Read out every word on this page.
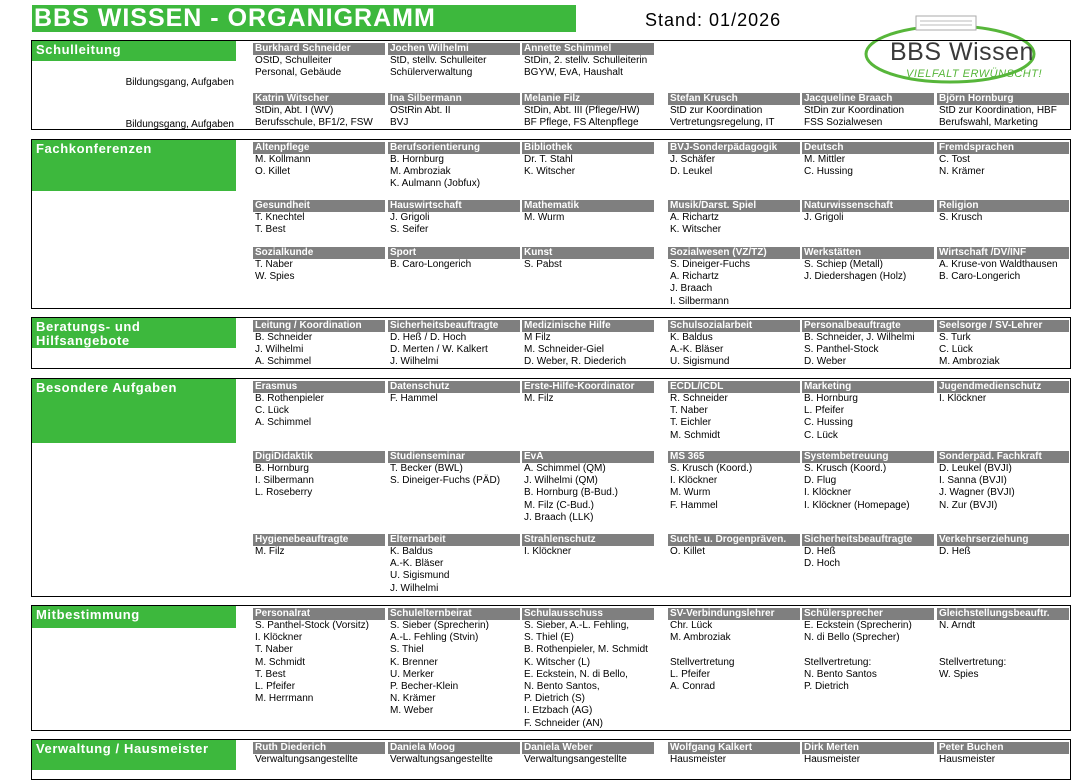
BBS WISSEN - ORGANIGRAMM	Stand: 01/2026
BBS Wissen
VIELFALT ERWÜNSCHT!
Schulleitung
Bildungsgang, Aufgaben
Burkhard Schneider
OStD, Schulleiter
Personal, Gebäude
Jochen Wilhelmi
StD, stellv. Schulleiter
Schülerverwaltung
Annette Schimmel
StDin, 2. stellv. Schulleiterin
BGYW, EvA, Haushalt
Bildungsgang, Aufgaben
Katrin Witscher
StDin, Abt. I (WV)
Berufsschule, BF1/2, FSW
Ina Silbermann
OStRin Abt. II
BVJ
Melanie Filz
StDin, Abt. III (Pflege/HW)
BF Pflege, FS Altenpflege
Stefan Krusch
StD zur Koordination
Vertretungsregelung, IT
Jacqueline Braach
StDin zur Koordination
FSS Sozialwesen
Björn Hornburg
StD zur Koordination, HBF
Berufswahl, Marketing
Fachkonferenzen	Altenpflege
M. Kollmann
O. Killet
Berufsorientierung
B. Hornburg
M. Ambroziak
K. Aulmann (Jobfux)
Bibliothek
Dr. T. Stahl
K. Witscher
BVJ-Sonderpädagogik
J. Schäfer
D. Leukel
Deutsch
M. Mittler
C. Hussing
Fremdsprachen
C. Tost
N. Krämer
Gesundheit
T. Knechtel
T. Best
Hauswirtschaft
J. Grigoli
S. Seifer
Mathematik
M. Wurm
Musik/Darst. Spiel
A. Richartz
K. Witscher
Naturwissenschaft
J. Grigoli
Religion
S. Krusch
Sozialkunde
T. Naber
W. Spies
Sport
B. Caro-Longerich
Kunst
S. Pabst
Sozialwesen (VZ/TZ)
S. Dineiger-Fuchs
A. Richartz
J. Braach
I. Silbermann
Werkstätten
S. Schiep (Metall)
J. Diedershagen (Holz)
Wirtschaft /DV/INF
A. Kruse-von Waldthausen
B. Caro-Longerich
Beratungs- und Hilfsangebote
Leitung / Koordination
B. Schneider
J. Wilhelmi
A. Schimmel
Sicherheitsbeauftragte
D. Heß / D. Hoch
D. Merten / W. Kalkert
J. Wilhelmi
Medizinische Hilfe
M Filz
M. Schneider-Giel
D. Weber, R. Diederich
Schulsozialarbeit
K. Baldus
A.-K. Bläser
U. Sigismund
Personalbeauftragte
B. Schneider, J. Wilhelmi
S. Panthel-Stock
D. Weber
Seelsorge / SV-Lehrer
S. Turk
C. Lück
M. Ambroziak
Besondere Aufgaben	Erasmus
B. Rothenpieler
C. Lück
A. Schimmel
Datenschutz
F. Hammel
Erste-Hilfe-Koordinator
M. Filz
ECDL/ICDL
R. Schneider
T. Naber
T. Eichler
M. Schmidt
Marketing
B. Hornburg
L. Pfeifer
C. Hussing
C. Lück
Jugendmedienschutz
I. Klöckner
DigiDidaktik
B. Hornburg
I. Silbermann
L. Roseberry
Studienseminar
T. Becker (BWL)
S. Dineiger-Fuchs (PÄD)
EvA
A. Schimmel (QM)
J. Wilhelmi (QM)
B. Hornburg (B-Bud.)
M. Filz (C-Bud.)
J. Braach (LLK)
MS 365
S. Krusch (Koord.)
I. Klöckner
M. Wurm
F. Hammel
Systembetreuung
S. Krusch (Koord.)
D. Flug
I. Klöckner
I. Klöckner (Homepage)
Sonderpäd. Fachkraft
D. Leukel (BVJI)
I. Sanna (BVJI)
J. Wagner (BVJI)
N. Zur (BVJI)
Hygienebeauftragte
M. Filz
Elternarbeit
K. Baldus
A.-K. Bläser
U. Sigismund
J. Wilhelmi
Strahlenschutz
I. Klöckner
Sucht- u. Drogenpräven.
O. Killet
Sicherheitsbeauftragte
D. Heß
D. Hoch
Verkehrserziehung
D. Heß
Mitbestimmung	Personalrat
S. Panthel-Stock (Vorsitz)
I. Klöckner
T. Naber
M. Schmidt
T. Best
L. Pfeifer
M. Herrmann
Schulelternbeirat
S. Sieber (Sprecherin)
A.-L. Fehling (Stvin)
S. Thiel
K. Brenner
U. Merker
P. Becher-Klein
N. Krämer
M. Weber
Schulausschuss
S. Sieber, A.-L. Fehling,
S. Thiel (E)
B. Rothenpieler, M. Schmidt
K. Witscher (L)
E. Eckstein, N. di Bello,
N. Bento Santos,
P. Dietrich (S)
I. Etzbach (AG)
F. Schneider (AN)
SV-Verbindungslehrer
Chr. Lück
M. Ambroziak

Stellvertretung
L. Pfeifer
A. Conrad
Schülersprecher
E. Eckstein (Sprecherin)
N. di Bello (Sprecher)

Stellvertretung:
N. Bento Santos
P. Dietrich
Gleichstellungsbeauftr.
N. Arndt

Stellvertretung:
W. Spies
Verwaltung / Hausmeister	Ruth Diederich
Verwaltungsangestellte
Daniela Moog
Verwaltungsangestellte
Daniela Weber
Verwaltungsangestellte
Wolfgang Kalkert
Hausmeister
Dirk Merten
Hausmeister
Peter Buchen
Hausmeister
